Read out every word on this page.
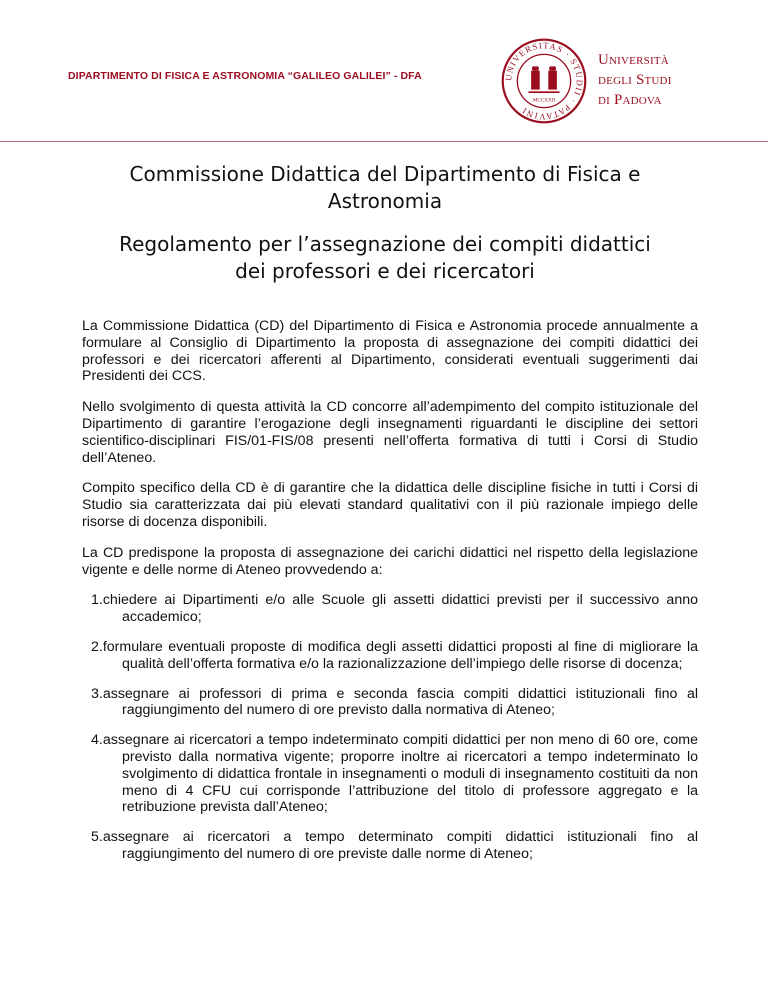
DIPARTIMENTO DI FISICA E ASTRONOMIA “GALILEO GALILEI” - DFA	UNIVERSITAS · STUDII · PATAVINI
MCCXXII
Università
degli Studi
di Padova
Commissione Didattica del Dipartimento di Fisica e
Astronomia
Regolamento per l’assegnazione dei compiti didattici
dei professori e dei ricercatori

La Commissione Didattica (CD) del Dipartimento di Fisica e Astronomia procede annualmente a formulare al Consiglio di Dipartimento la proposta di assegnazione dei compiti didattici dei professori e dei ricercatori afferenti al Dipartimento, considerati eventuali suggerimenti dai Presidenti dei CCS.

Nello svolgimento di questa attività la CD concorre all’adempimento del compito istituzionale del Dipartimento di garantire l’erogazione degli insegnamenti riguardanti le discipline dei settori scientifico-disciplinari FIS/01-FIS/08 presenti nell’offerta formativa di tutti i Corsi di Studio dell’Ateneo.

Compito specifico della CD è di garantire che la didattica delle discipline fisiche in tutti i Corsi di Studio sia caratterizzata dai più elevati standard qualitativi con il più razionale impiego delle risorse di docenza disponibili.

La CD predispone la proposta di assegnazione dei carichi didattici nel rispetto della legislazione vigente e delle norme di Ateneo provvedendo a:

1.chiedere ai Dipartimenti e/o alle Scuole gli assetti didattici previsti per il successivo anno accademico;
2.formulare eventuali proposte di modifica degli assetti didattici proposti al fine di migliorare la qualità dell’offerta formativa e/o la razionalizzazione dell’impiego delle risorse di docenza;
3.assegnare ai professori di prima e seconda fascia compiti didattici istituzionali fino al raggiungimento del numero di ore previsto dalla normativa di Ateneo;
4.assegnare ai ricercatori a tempo indeterminato compiti didattici per non meno di 60 ore, come previsto dalla normativa vigente; proporre inoltre ai ricercatori a tempo indeterminato lo svolgimento di didattica frontale in insegnamenti o moduli di insegnamento costituiti da non meno di 4 CFU cui corrisponde l’attribuzione del titolo di professore aggregato e la retribuzione prevista dall’Ateneo;
5.assegnare ai ricercatori a tempo determinato compiti didattici istituzionali fino al raggiungimento del numero di ore previste dalle norme di Ateneo;
